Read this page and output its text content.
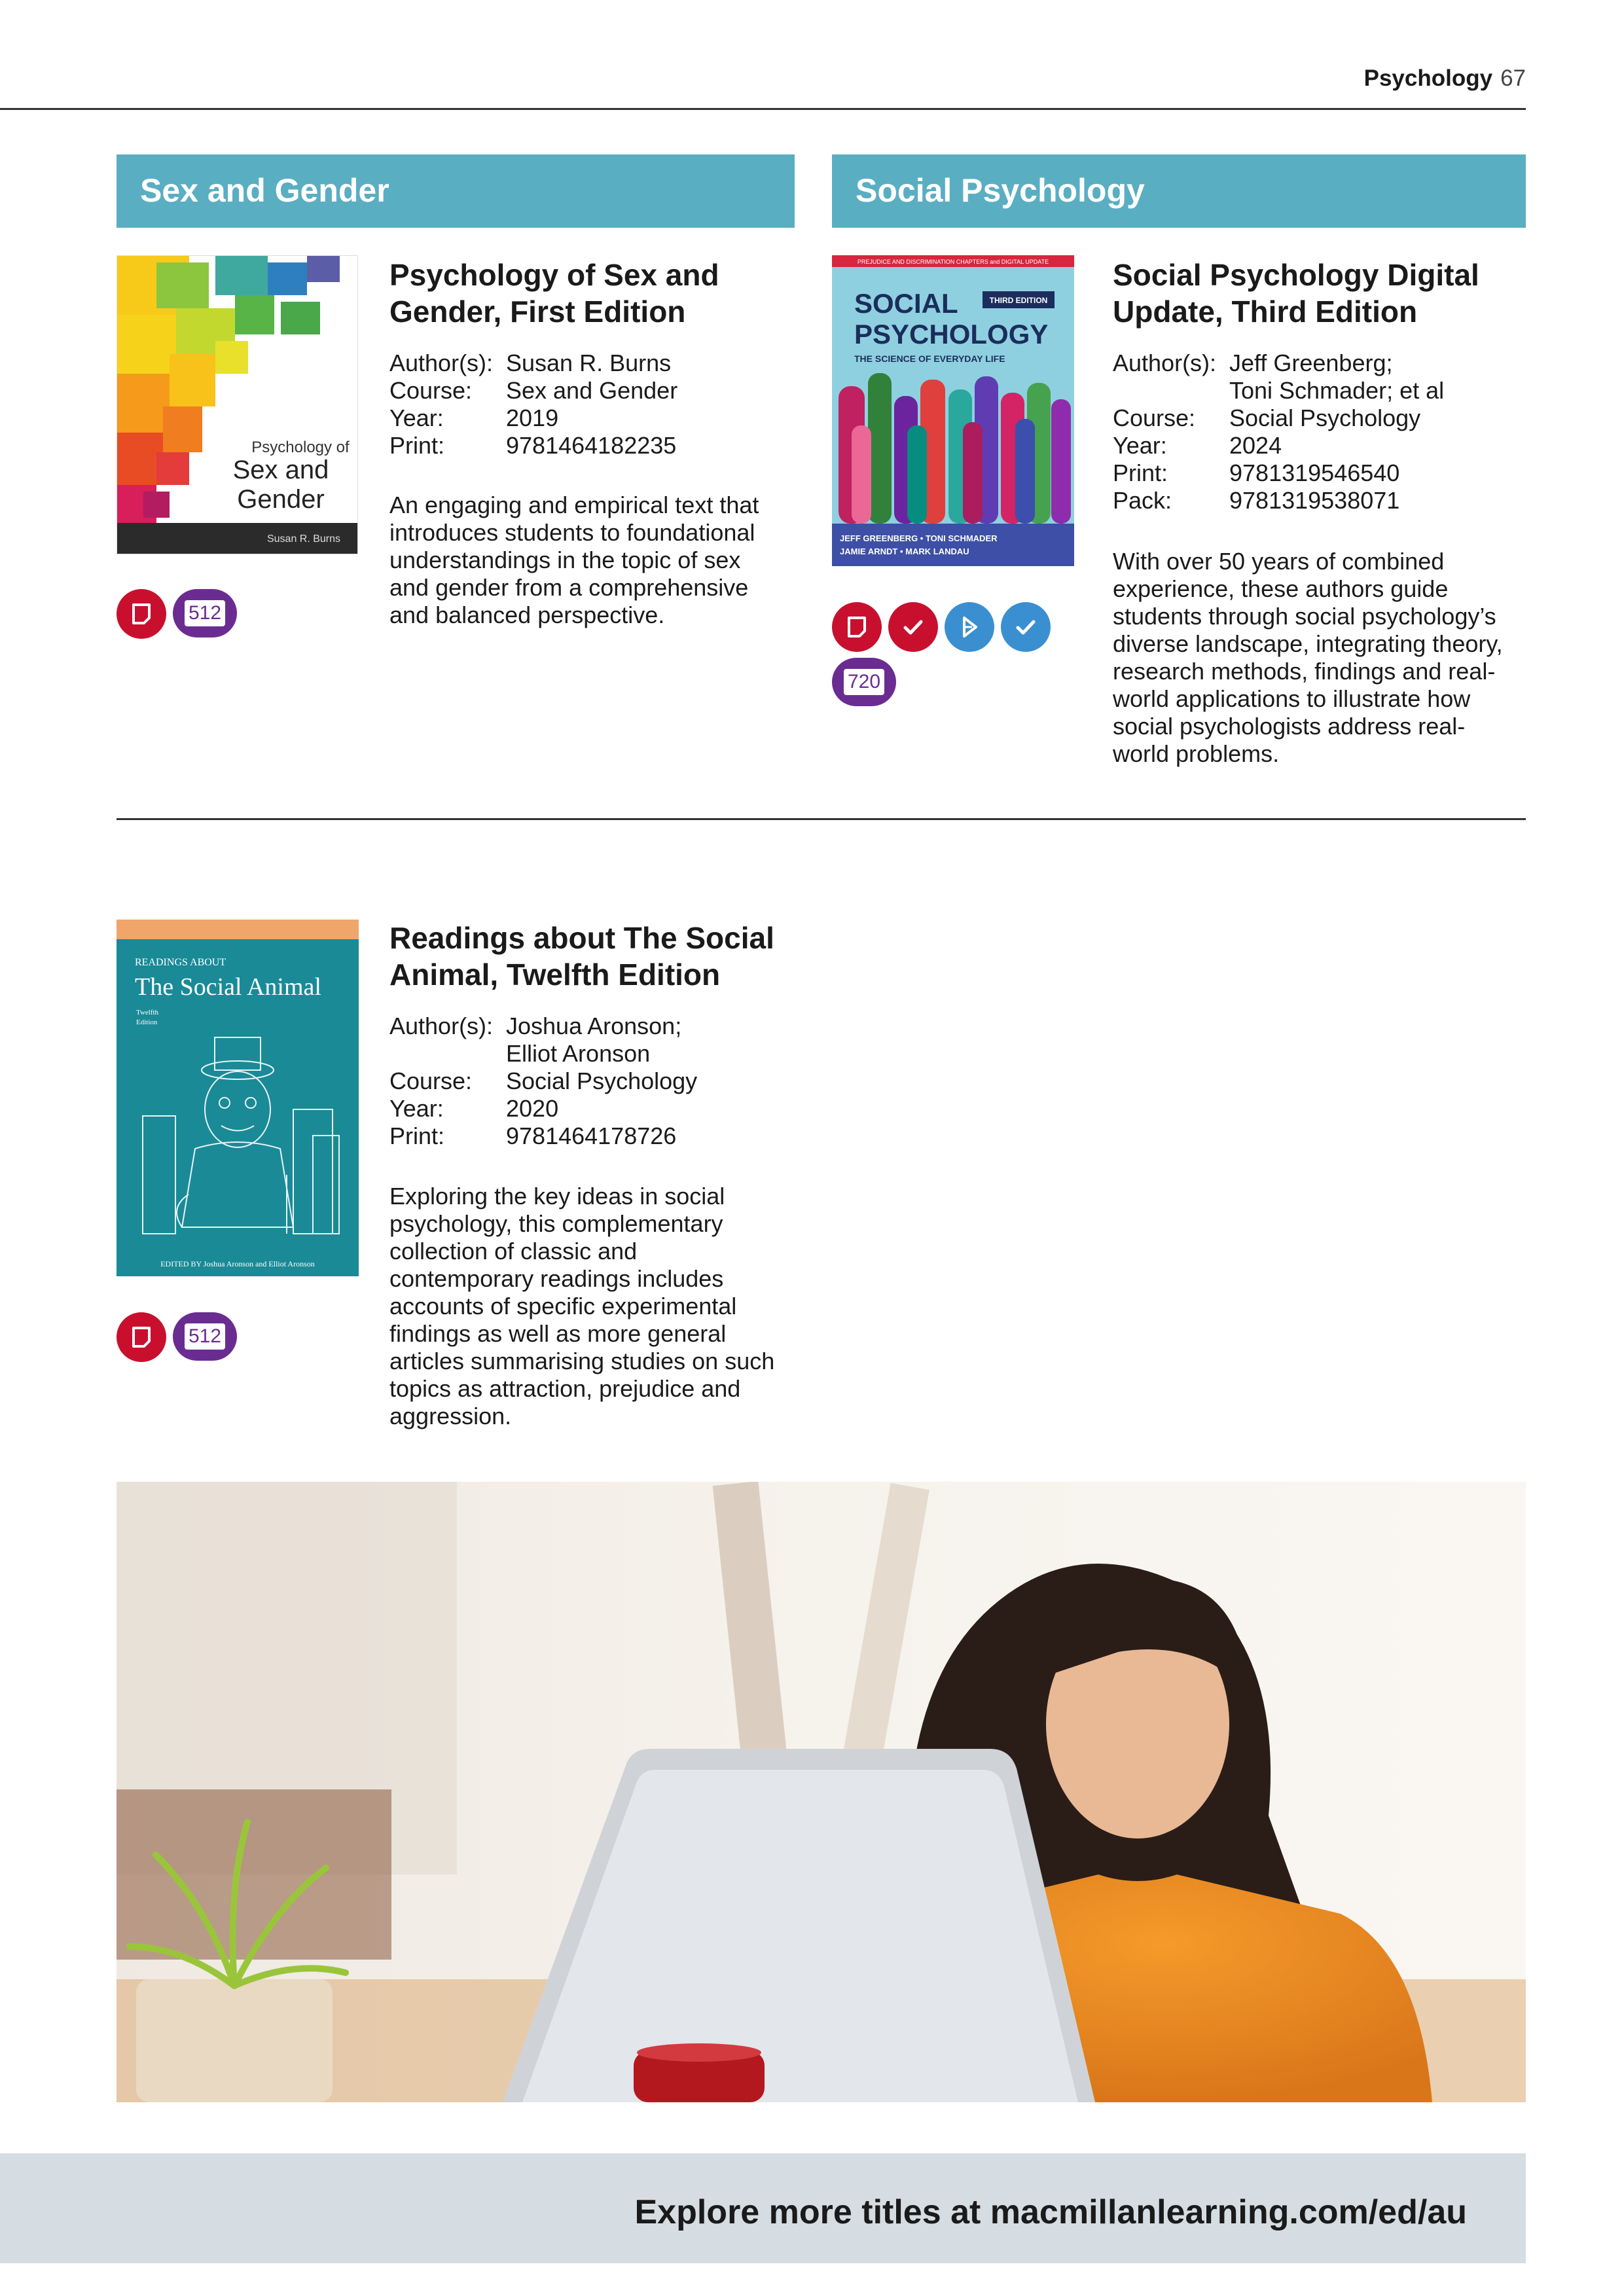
Psychology 67
Sex and Gender	Social Psychology
Psychology of
Sex and
Gender
Susan R. Burns
Psychology of Sex and Gender, First Edition
Author(s): Susan R. Burns
Course:	Sex and Gender
Year:	2019
Print:	9781464182235
An engaging and empirical text that introduces students to foundational understandings in the topic of sex and gender from a comprehensive and balanced perspective.
512
PREJUDICE AND DISCRIMINATION CHAPTERS and DIGITAL UPDATE
SOCIAL
PSYCHOLOGY
THIRD EDITION
THE SCIENCE OF EVERYDAY LIFE
JEFF GREENBERG • TONI SCHMADER
JAMIE ARNDT • MARK LANDAU
Social Psychology Digital Update, Third Edition
Author(s): Jeff Greenberg;
Toni Schmader; et al
Course:	Social Psychology
Year:	2024
Print:	9781319546540
Pack:	9781319538071
With over 50 years of combined experience, these authors guide students through social psychology’s diverse landscape, integrating theory, research methods, findings and real-world applications to illustrate how social psychologists address real-world problems.
720
READINGS ABOUT
The Social Animal
Twelfth
Edition
EDITED BY Joshua Aronson and Elliot Aronson
Readings about The Social Animal, Twelfth Edition
Author(s): Joshua Aronson;
Elliot Aronson
Course:	Social Psychology
Year:	2020
Print:	9781464178726
Exploring the key ideas in social psychology, this complementary collection of classic and contemporary readings includes accounts of specific experimental findings as well as more general articles summarising studies on such topics as attraction, prejudice and aggression.
512
Explore more titles at macmillanlearning.com/ed/au
